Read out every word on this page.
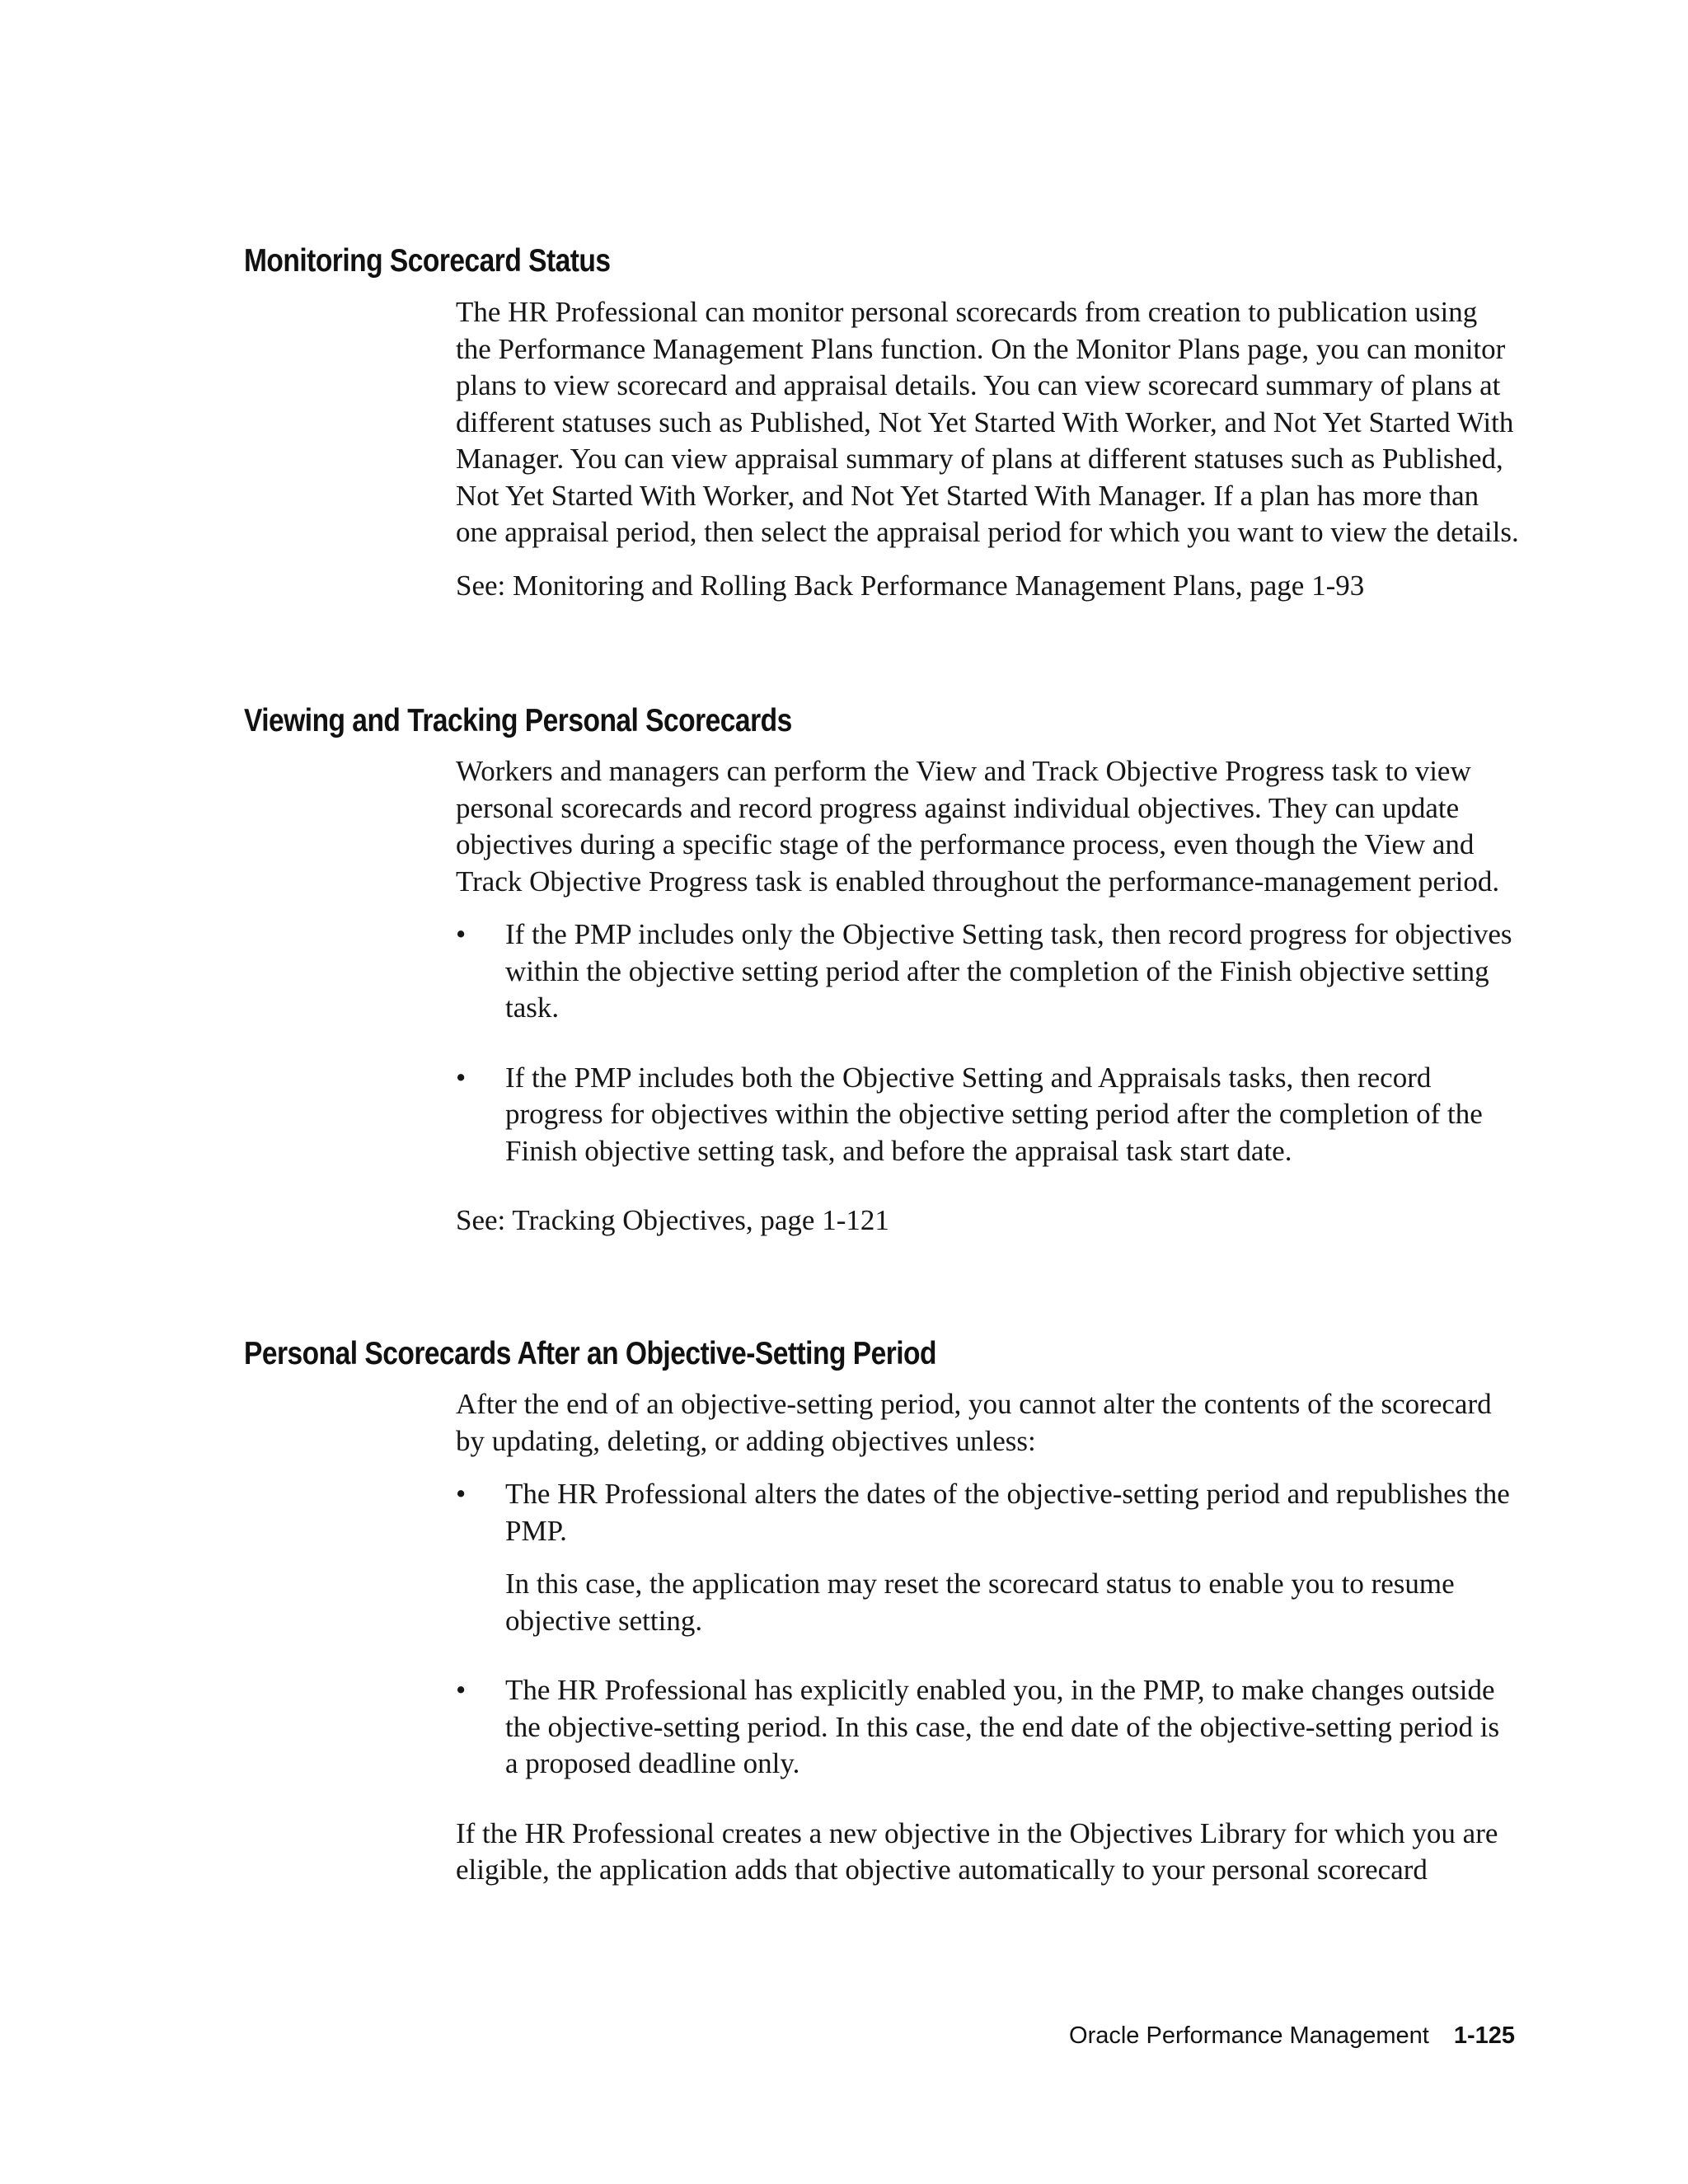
Monitoring Scorecard Status

The HR Professional can monitor personal scorecards from creation to publication using the Performance Management Plans function. On the Monitor Plans page, you can monitor plans to view scorecard and appraisal details. You can view scorecard summary of plans at different statuses such as Published, Not Yet Started With Worker, and Not Yet Started With Manager. You can view appraisal summary of plans at different statuses such as Published, Not Yet Started With Worker, and Not Yet Started With Manager. If a plan has more than one appraisal period, then select the appraisal period for which you want to view the details.

See: Monitoring and Rolling Back Performance Management Plans, page 1-93

Viewing and Tracking Personal Scorecards

Workers and managers can perform the View and Track Objective Progress task to view personal scorecards and record progress against individual objectives. They can update objectives during a specific stage of the performance process, even though the View and Track Objective Progress task is enabled throughout the performance-management period.

•	If the PMP includes only the Objective Setting task, then record progress for objectives within the objective setting period after the completion of the Finish objective setting task.

•	If the PMP includes both the Objective Setting and Appraisals tasks, then record progress for objectives within the objective setting period after the completion of the Finish objective setting task, and before the appraisal task start date.

See: Tracking Objectives, page 1-121

Personal Scorecards After an Objective-Setting Period

After the end of an objective-setting period, you cannot alter the contents of the scorecard by updating, deleting, or adding objectives unless:

•	The HR Professional alters the dates of the objective-setting period and republishes the PMP.

In this case, the application may reset the scorecard status to enable you to resume objective setting.

•	The HR Professional has explicitly enabled you, in the PMP, to make changes outside the objective-setting period. In this case, the end date of the objective-setting period is a proposed deadline only.

If the HR Professional creates a new objective in the Objectives Library for which you are eligible, the application adds that objective automatically to your personal scorecard

Oracle Performance Management 1-125
